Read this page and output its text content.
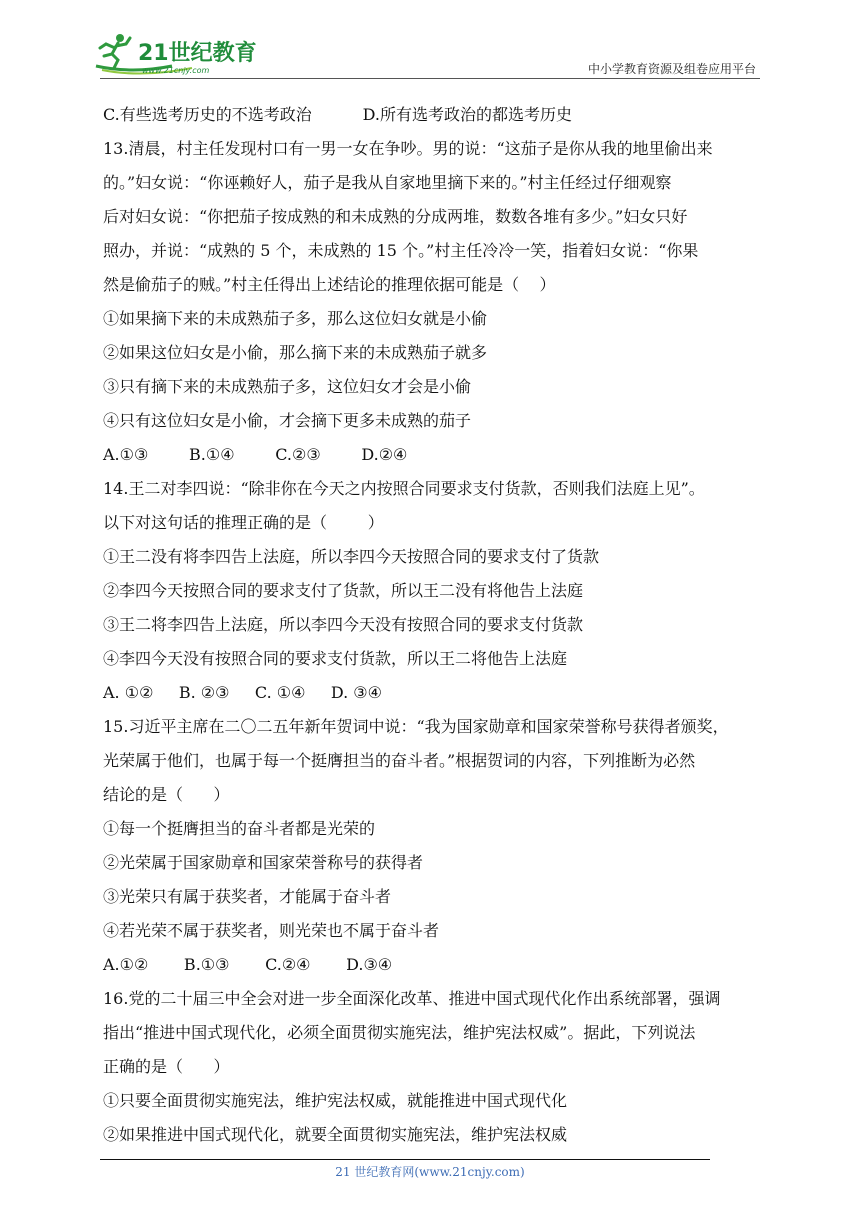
21世纪教育
www.21cnjy.com	中小学教育资源及组卷应用平台

C.有些选考历史的不选考政治          D.所有选考政治的都选考历史

13.清晨，村主任发现村口有一男一女在争吵。男的说：“这茄子是你从我的地里偷出来

的。”妇女说：“你诬赖好人，茄子是我从自家地里摘下来的。”村主任经过仔细观察

后对妇女说：“你把茄子按成熟的和未成熟的分成两堆，数数各堆有多少。”妇女只好

照办，并说：“成熟的 5 个，未成熟的 15 个。”村主任冷冷一笑，指着妇女说：“你果

然是偷茄子的贼。”村主任得出上述结论的推理依据可能是（    ）

①如果摘下来的未成熟茄子多，那么这位妇女就是小偷

②如果这位妇女是小偷，那么摘下来的未成熟茄子就多

③只有摘下来的未成熟茄子多，这位妇女才会是小偷

④只有这位妇女是小偷，才会摘下更多未成熟的茄子

A.①③        B.①④        C.②③        D.②④

14.王二对李四说：“除非你在今天之内按照合同要求支付货款，否则我们法庭上见”。

以下对这句话的推理正确的是（        ）

①王二没有将李四告上法庭，所以李四今天按照合同的要求支付了货款

②李四今天按照合同的要求支付了货款，所以王二没有将他告上法庭

③王二将李四告上法庭，所以李四今天没有按照合同的要求支付货款

④李四今天没有按照合同的要求支付货款，所以王二将他告上法庭

A. ①②     B. ②③     C. ①④     D. ③④

15.习近平主席在二〇二五年新年贺词中说：“我为国家勋章和国家荣誉称号获得者颁奖，

光荣属于他们，也属于每一个挺膺担当的奋斗者。”根据贺词的内容，下列推断为必然

结论的是（      ）

①每一个挺膺担当的奋斗者都是光荣的

②光荣属于国家勋章和国家荣誉称号的获得者

③光荣只有属于获奖者，才能属于奋斗者

④若光荣不属于获奖者，则光荣也不属于奋斗者

A.①②       B.①③       C.②④       D.③④

16.党的二十届三中全会对进一步全面深化改革、推进中国式现代化作出系统部署，强调

指出“推进中国式现代化，必须全面贯彻实施宪法，维护宪法权威”。据此，下列说法

正确的是（      ）

①只要全面贯彻实施宪法，维护宪法权威，就能推进中国式现代化

②如果推进中国式现代化，就要全面贯彻实施宪法，维护宪法权威

21 世纪教育网(www.21cnjy.com)
